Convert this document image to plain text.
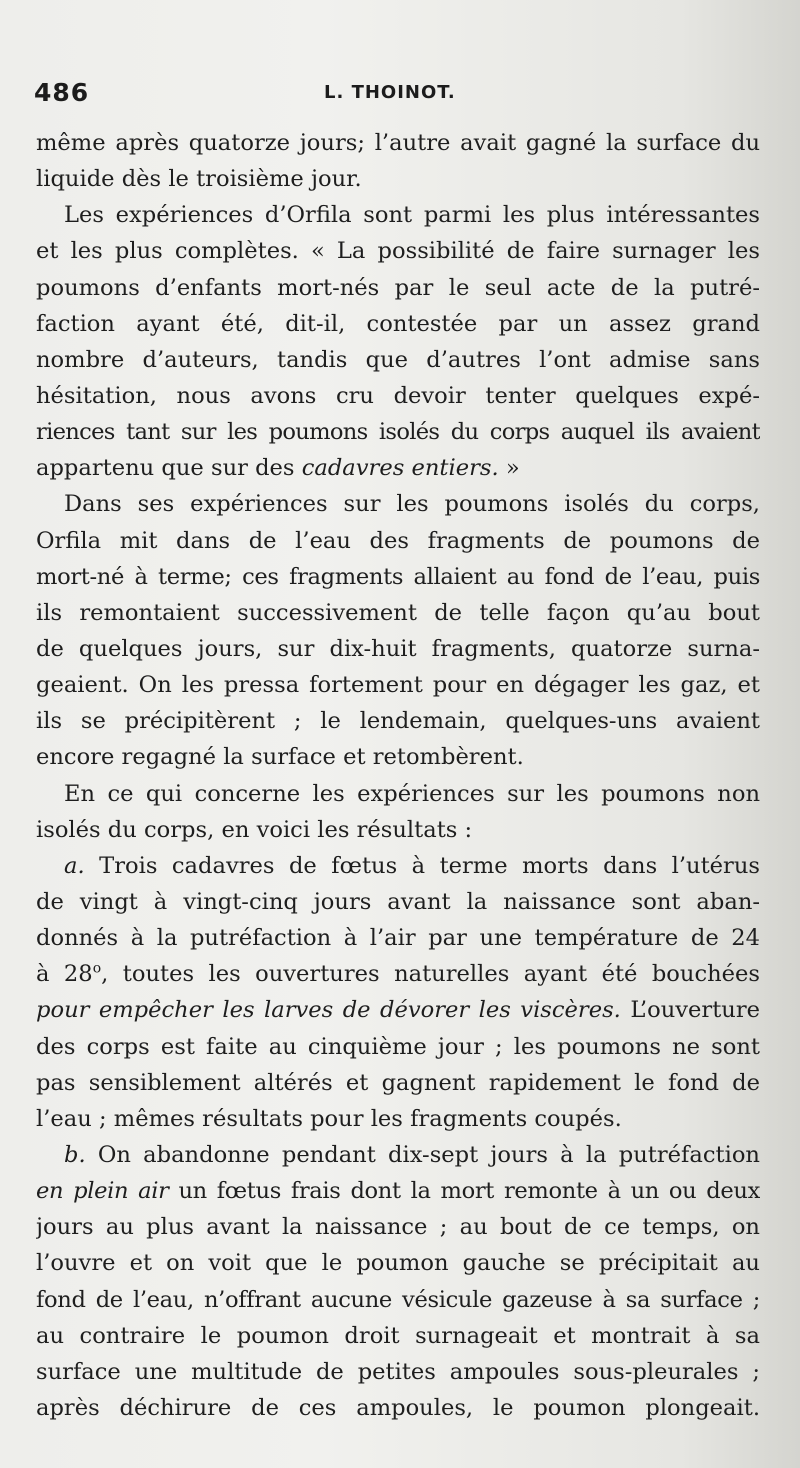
486	L. THOINOT.
même après quatorze jours; l’autre avait gagné la surface du
liquide dès le troisième jour.
Les expériences d’Orfila sont parmi les plus intéressantes
et les plus complètes. « La possibilité de faire surnager les
poumons d’enfants mort-nés par le seul acte de la putré-
faction ayant été, dit-il, contestée par un assez grand
nombre d’auteurs, tandis que d’autres l’ont admise sans
hésitation, nous avons cru devoir tenter quelques expé-
riences tant sur les poumons isolés du corps auquel ils avaient
appartenu que sur des cadavres entiers. »
Dans ses expériences sur les poumons isolés du corps,
Orfila mit dans de l’eau des fragments de poumons de
mort-né à terme; ces fragments allaient au fond de l’eau, puis
ils remontaient successivement de telle façon qu’au bout
de quelques jours, sur dix-huit fragments, quatorze surna-
geaient. On les pressa fortement pour en dégager les gaz, et
ils se précipitèrent ; le lendemain, quelques-uns avaient
encore regagné la surface et retombèrent.
En ce qui concerne les expériences sur les poumons non
isolés du corps, en voici les résultats :
a. Trois cadavres de fœtus à terme morts dans l’utérus
de vingt à vingt-cinq jours avant la naissance sont aban-
donnés à la putréfaction à l’air par une température de 24
à 28$^o$, toutes les ouvertures naturelles ayant été bouchées
pour empêcher les larves de dévorer les viscères. L’ouverture
des corps est faite au cinquième jour ; les poumons ne sont
pas sensiblement altérés et gagnent rapidement le fond de
l’eau ; mêmes résultats pour les fragments coupés.
b. On abandonne pendant dix-sept jours à la putréfaction
en plein air un fœtus frais dont la mort remonte à un ou deux
jours au plus avant la naissance ; au bout de ce temps, on
l’ouvre et on voit que le poumon gauche se précipitait au
fond de l’eau, n’offrant aucune vésicule gazeuse à sa surface ;
au contraire le poumon droit surnageait et montrait à sa
surface une multitude de petites ampoules sous-pleurales ;
après déchirure de ces ampoules, le poumon plongeait.
